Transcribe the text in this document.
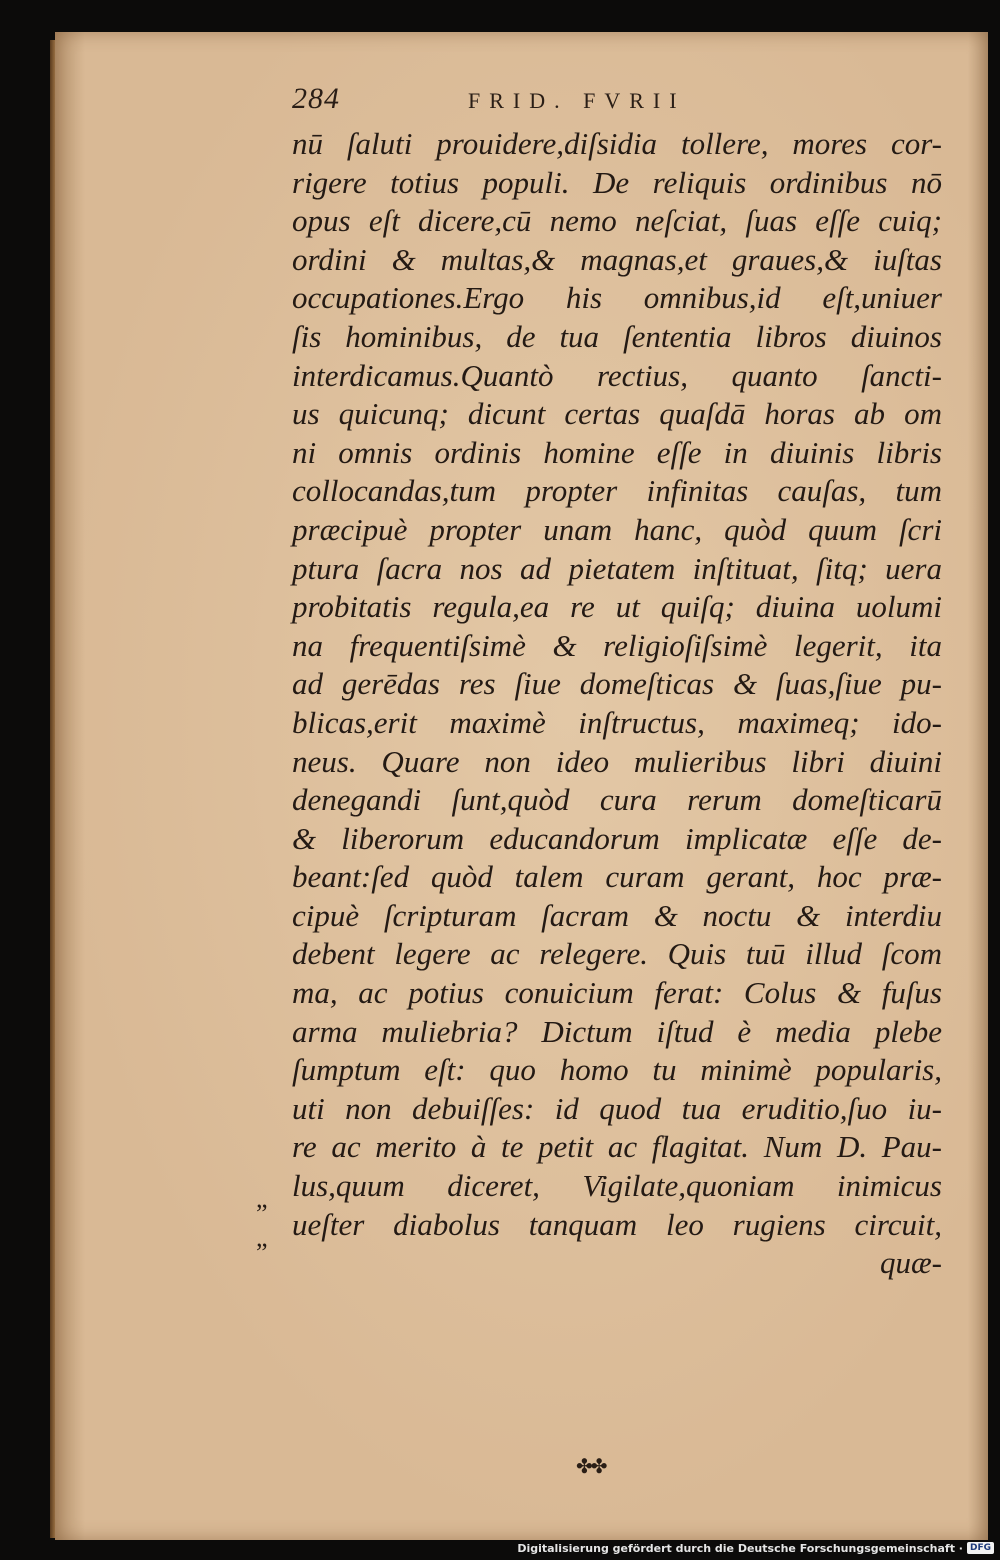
284	FRID. FVRII
nū ſaluti prouidere,diſsidia tollere, mores cor-
rigere totius populi. De reliquis ordinibus nō
opus eſt dicere,cū nemo neſciat, ſuas eſſe cuiq;
ordini & multas,& magnas,et graues,& iuſtas
occupationes.Ergo his omnibus,id eſt,uniuer
ſis hominibus, de tua ſententia libros diuinos
interdicamus.Quantò rectius, quanto ſancti-
us quicunq; dicunt certas quaſdā horas ab om
ni omnis ordinis homine eſſe in diuinis libris
collocandas,tum propter infinitas cauſas, tum
præcipuè propter unam hanc, quòd quum ſcri
ptura ſacra nos ad pietatem inſtituat, ſitq; uera
probitatis regula,ea re ut quiſq; diuina uolumi
na frequentiſsimè & religioſiſsimè legerit, ita
ad gerēdas res ſiue domeſticas & ſuas,ſiue pu-
blicas,erit maximè inſtructus, maximeq; ido-
neus. Quare non ideo mulieribus libri diuini
denegandi ſunt,quòd cura rerum domeſticarū
& liberorum educandorum implicatæ eſſe de-
beant:ſed quòd talem curam gerant, hoc præ-
cipuè ſcripturam ſacram & noctu & interdiu
debent legere ac relegere. Quis tuū illud ſcom
ma, ac potius conuicium ferat: Colus & fuſus
arma muliebria? Dictum iſtud è media plebe
ſumptum eſt: quo homo tu minimè popularis,
uti non debuiſſes: id quod tua eruditio,ſuo iu-
re ac merito à te petit ac flagitat. Num D. Pau-
lus,quum diceret, Vigilate,quoniam inimicus
ueſter diabolus tanquam leo rugiens circuit,
quæ-
„
„
✤✤
Digitalisierung gefördert durch die Deutsche Forschungsgemeinschaft · DFG
